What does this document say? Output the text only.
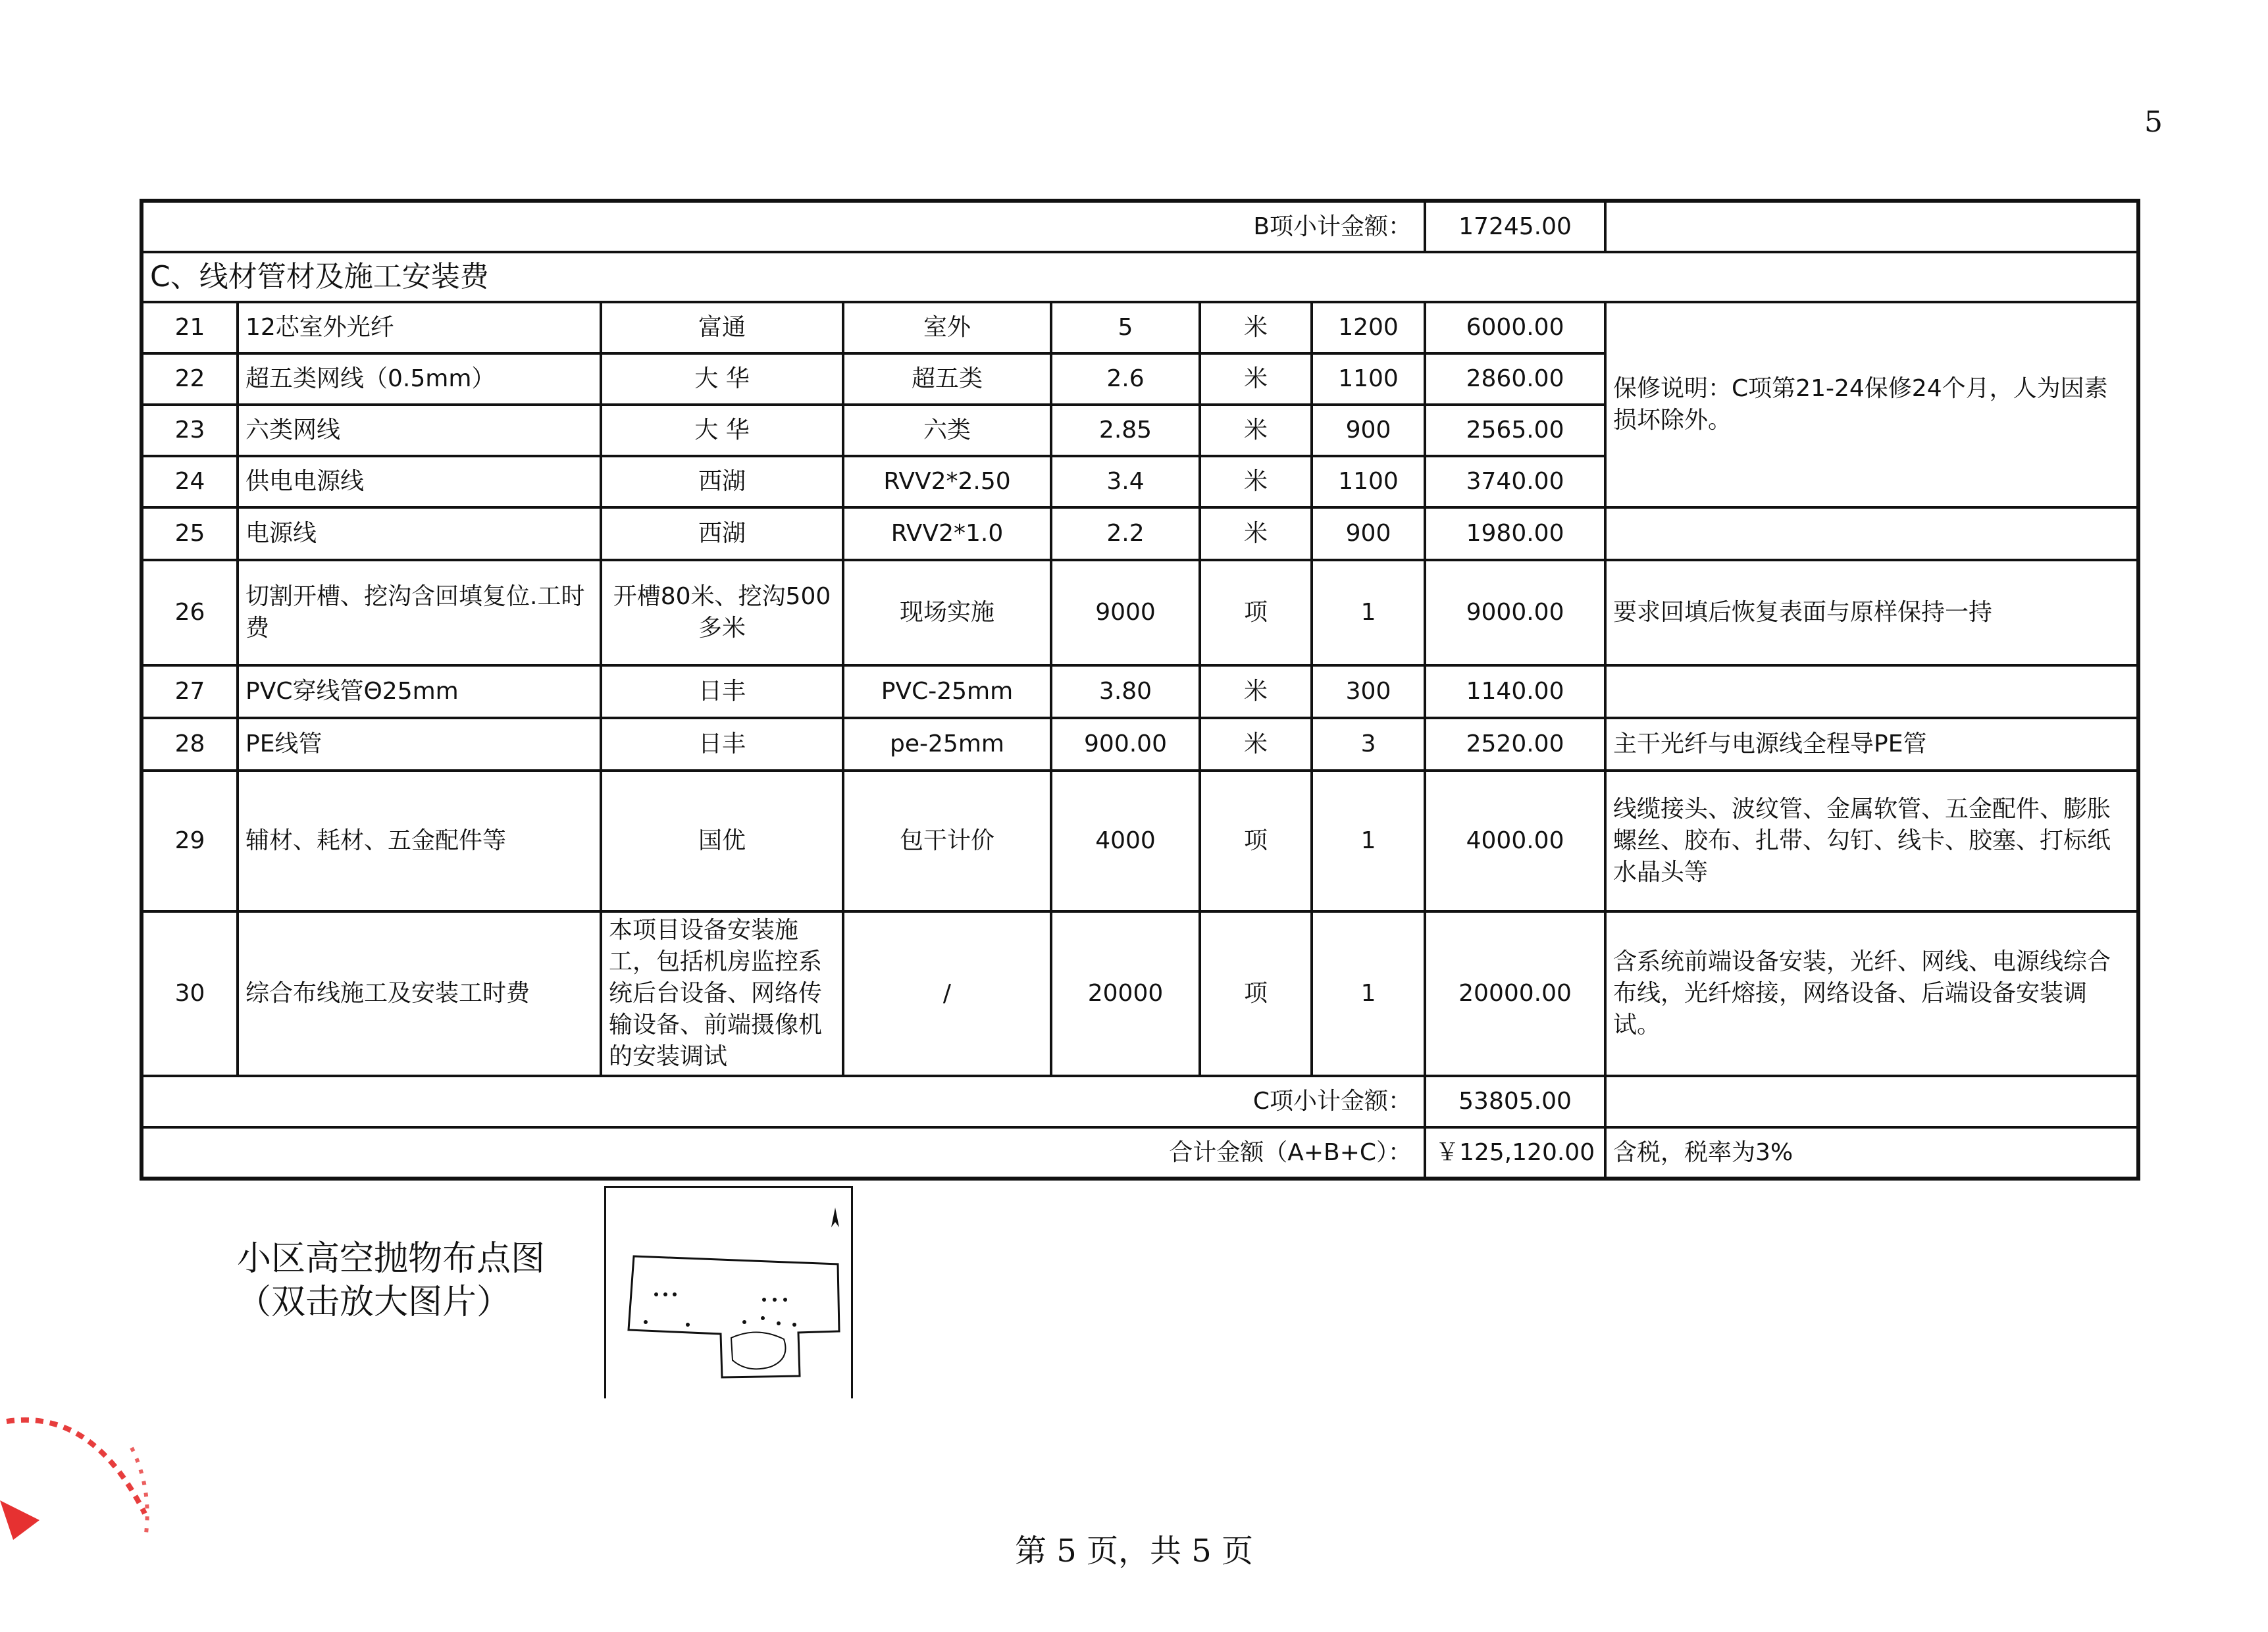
5
B项小计金额：							17245.00	
C、线材管材及施工安装费								
21	12芯室外光纤	富通	室外	5	米	1200	6000.00	保修说明：C项第21-24保修24个月，人为因素损坏除外。
22	超五类网线（0.5mm）	大 华	超五类	2.6	米	1100	2860.00	
23	六类网线	大 华	六类	2.85	米	900	2565.00	
24	供电电源线	西湖	RVV2*2.50	3.4	米	1100	3740.00	
25	电源线	西湖	RVV2*1.0	2.2	米	900	1980.00	
26	切割开槽、挖沟含回填复位.工时费	开槽80米、挖沟500多米	现场实施	9000	项	1	9000.00	要求回填后恢复表面与原样保持一持
27	PVC穿线管Θ25mm	日丰	PVC-25mm	3.80	米	300	1140.00	
28	PE线管	日丰	pe-25mm	900.00	米	3	2520.00	主干光纤与电源线全程导PE管
29	辅材、耗材、五金配件等	国优	包干计价	4000	项	1	4000.00	线缆接头、波纹管、金属软管、五金配件、膨胀螺丝、胶布、扎带、勾钉、线卡、胶塞、打标纸水晶头等
30	综合布线施工及安装工时费	本项目设备安装施工，包括机房监控系统后台设备、网络传输设备、前端摄像机的安装调试	/	20000	项	1	20000.00	含系统前端设备安装，光纤、网线、电源线综合布线，光纤熔接，网络设备、后端设备安装调试。
C项小计金额：							53805.00	
合计金额（A+B+C）：							￥125,120.00	含税，税率为3%
小区高空抛物布点图
（双击放大图片）
第 5 页，共 5 页
